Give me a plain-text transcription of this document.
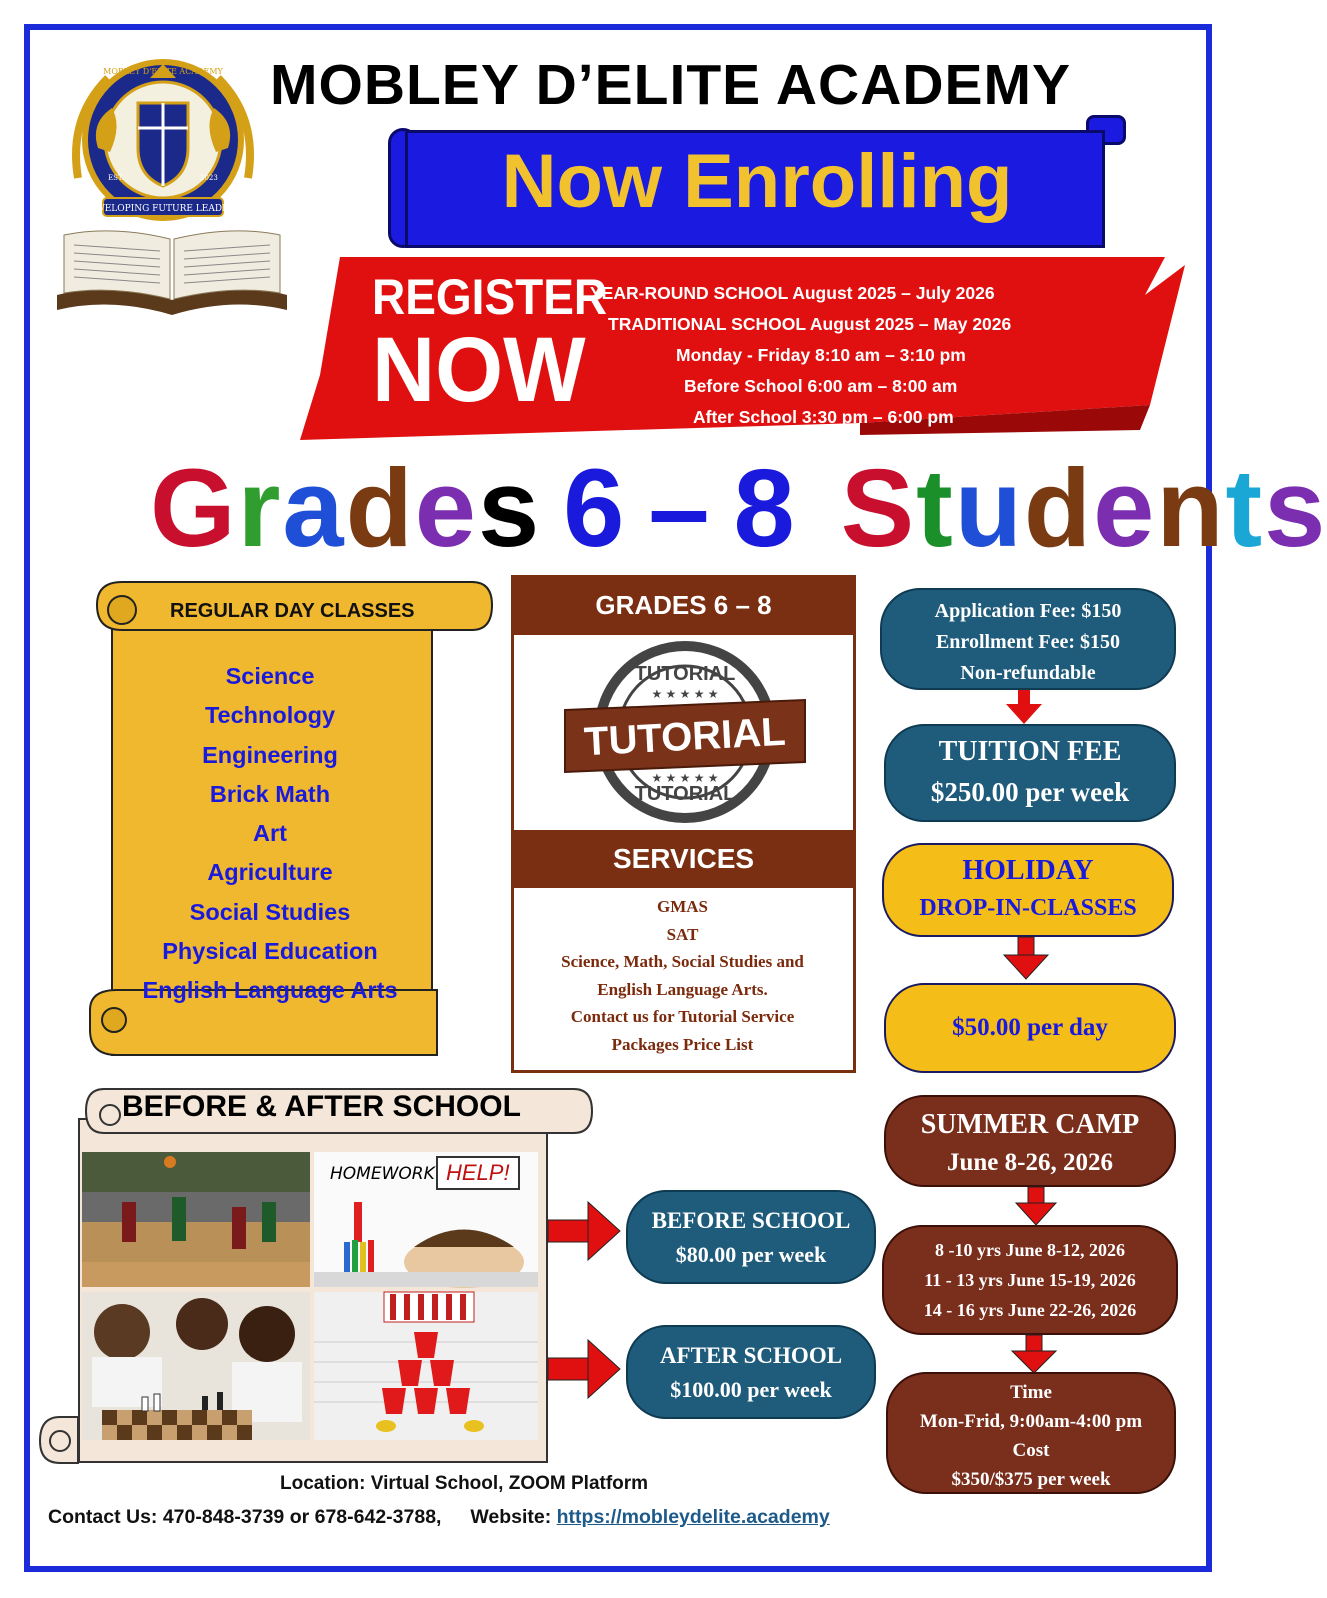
MOBLEY D’ELITE ACADEMY
DEVELOPING FUTURE LEADERS
MOBLEY D'ELITE ACADEMY
EST.	2023	Now Enrolling
REGISTER
NOW
YEAR-ROUND SCHOOL August 2025 – July 2026
TRADITIONAL SCHOOL August 2025 – May 2026
Monday - Friday 8:10 am – 3:10 pm
Before School 6:00 am – 8:00 am
After School 3:30 pm – 6:00 pm
Grades 6 – 8 Students
REGULAR DAY CLASSES
Science
Technology
Engineering
Brick Math
Art
Agriculture
Social Studies
Physical Education
English Language Arts
GRADES 6 – 8
TUTORIAL
TUTORIAL
TUTORIAL
★ ★ ★ ★ ★
★ ★ ★ ★ ★
SERVICES
GMAS
SAT
Science, Math, Social Studies and
English Language Arts.
Contact us for Tutorial Service
Packages Price List
Application Fee: $150
Enrollment Fee: $150
Non-refundable
TUITION FEE
$250.00 per week
HOLIDAY
DROP-IN-CLASSES
$50.00 per day
SUMMER CAMP
June 8-26, 2026
8 -10 yrs June 8-12, 2026
11 - 13 yrs June 15-19, 2026
14 - 16 yrs June 22-26, 2026
Time
Mon-Frid, 9:00am-4:00 pm
Cost
$350/$375 per week
BEFORE & AFTER SCHOOL
HOMEWORK HELP!
BEFORE SCHOOL
$80.00 per week
AFTER SCHOOL
$100.00 per week
Location: Virtual School, ZOOM Platform
Contact Us: 470-848-3739 or 678-642-3788, Website: https://mobleydelite.academy
